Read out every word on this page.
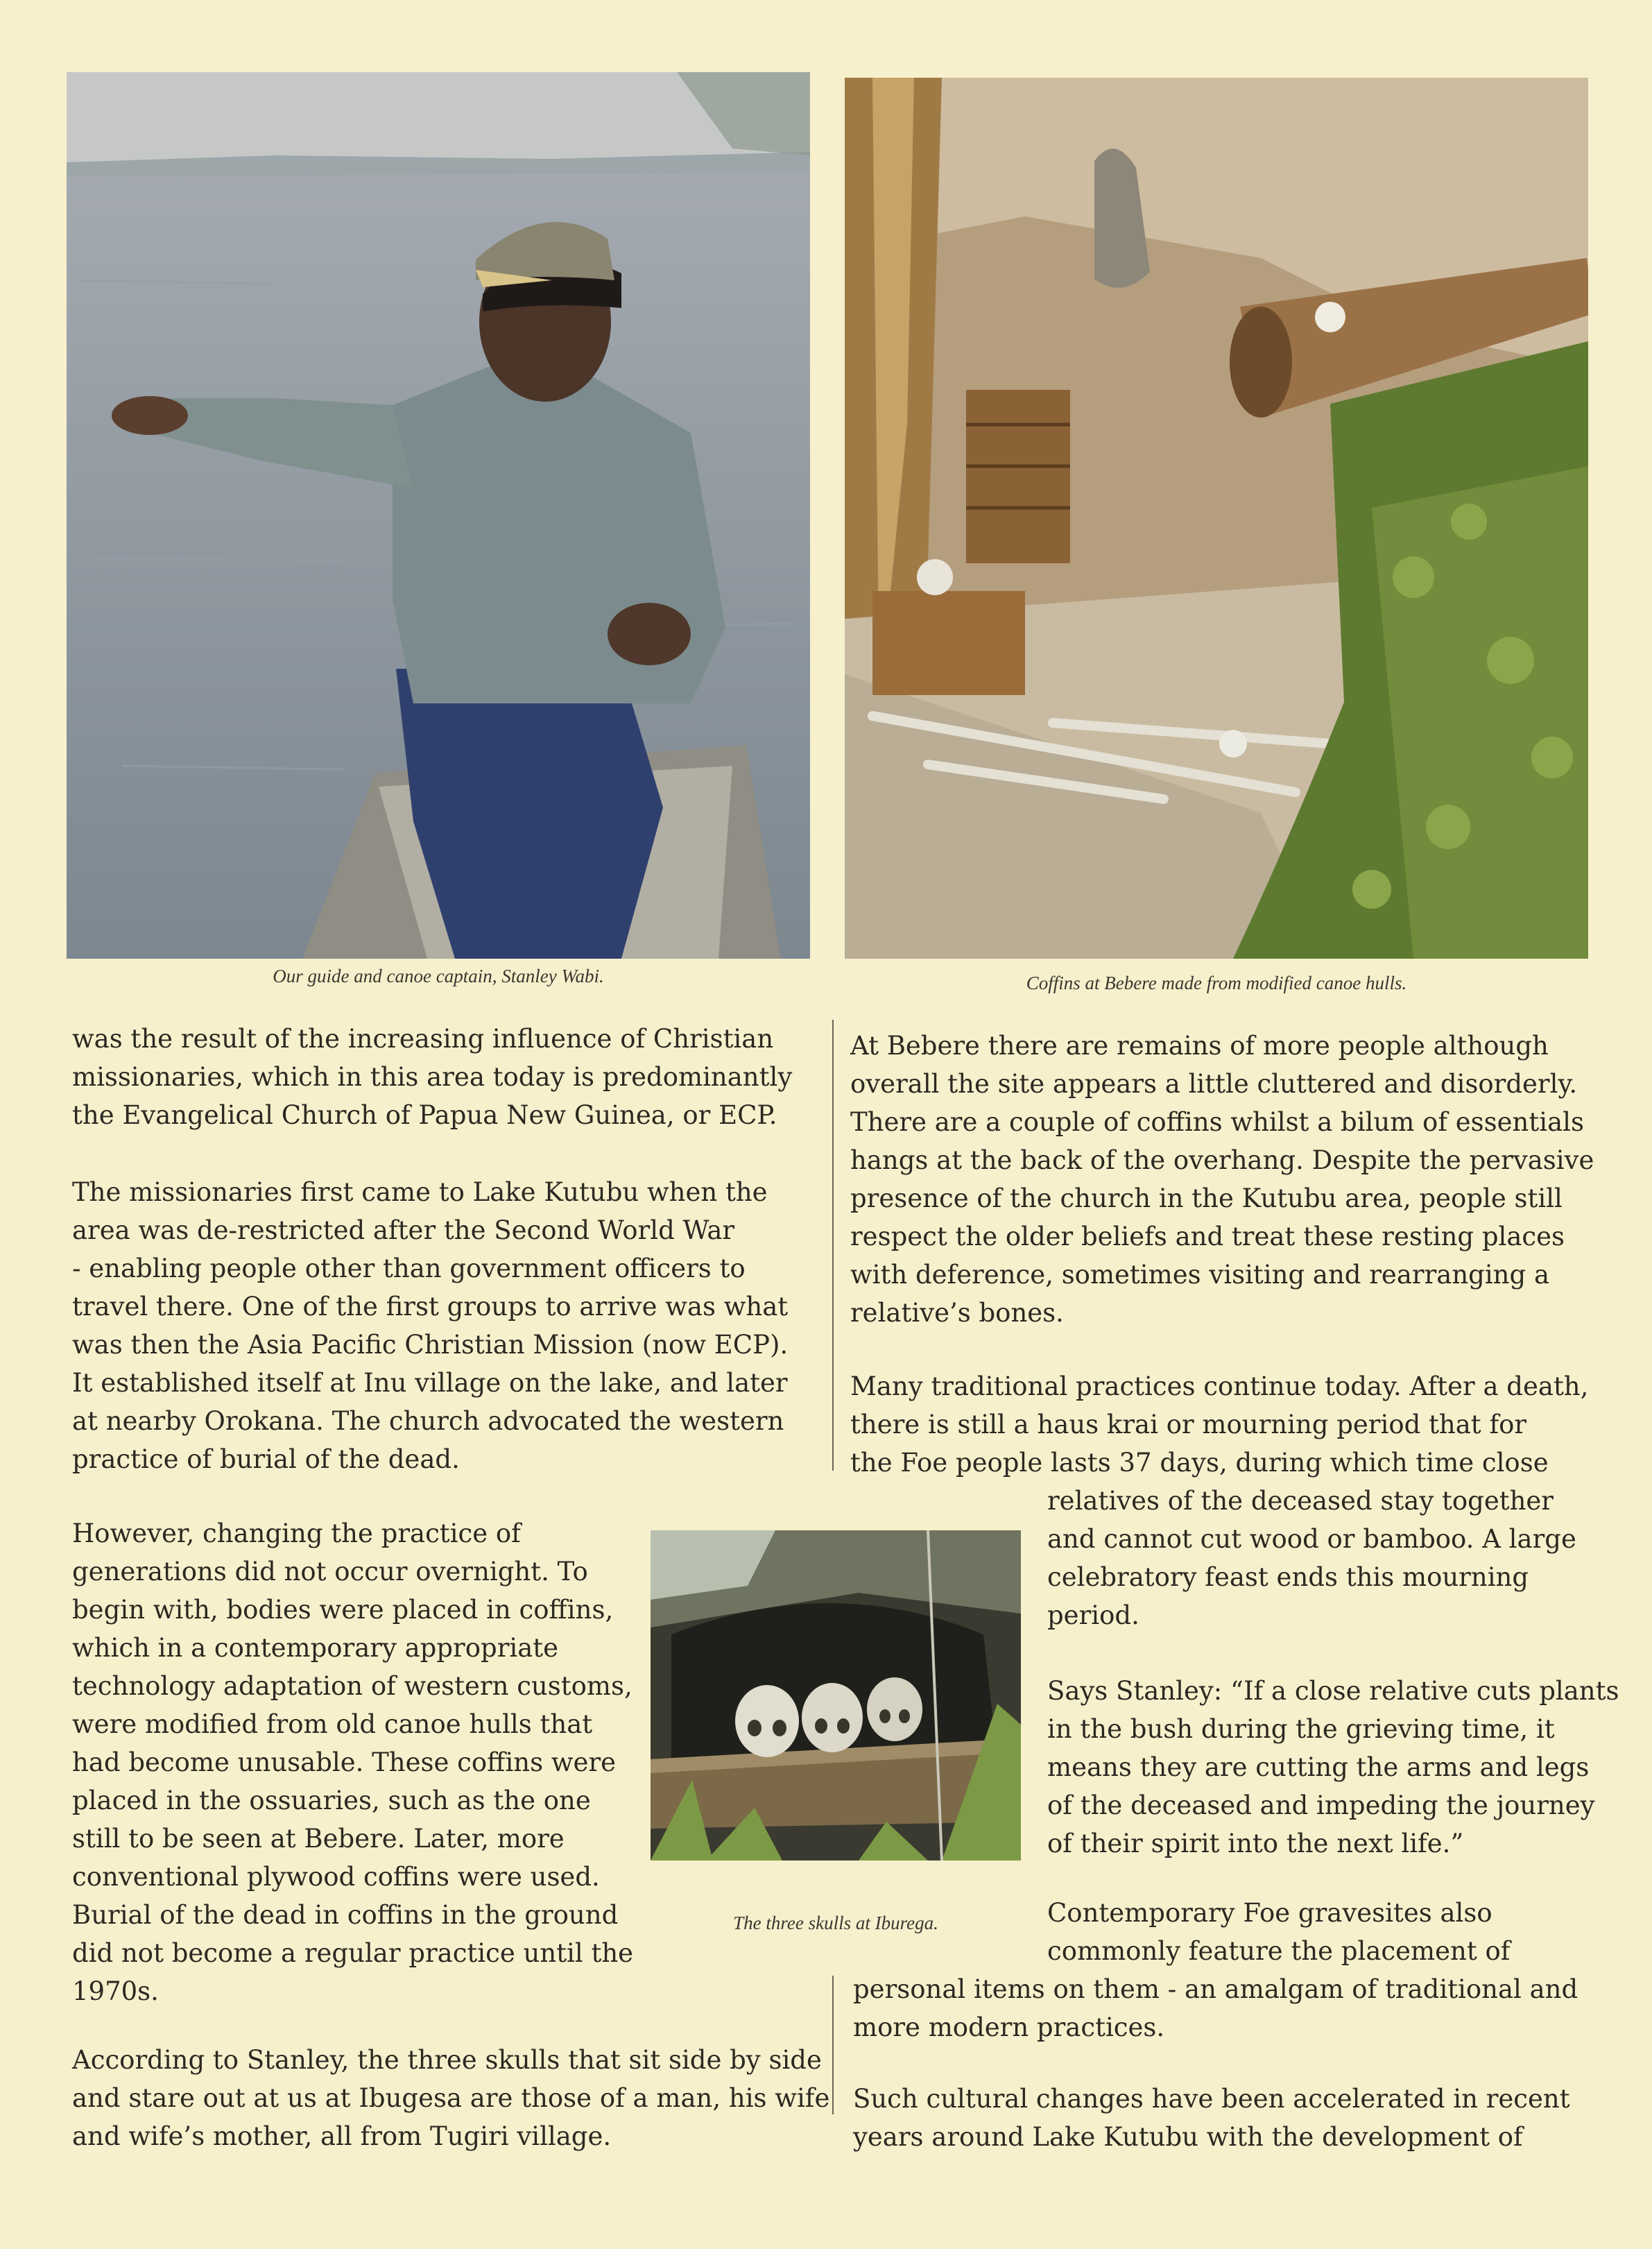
Our guide and canoe captain, Stanley Wabi.	Coffins at Bebere made from modified canoe hulls.
The three skulls at Iburega.
was the result of the increasing influence of Christian
missionaries, which in this area today is predominantly
the Evangelical Church of Papua New Guinea, or ECP.
The missionaries first came to Lake Kutubu when the
area was de-restricted after the Second World War
- enabling people other than government officers to
travel there. One of the first groups to arrive was what
was then the Asia Pacific Christian Mission (now ECP).
It established itself at Inu village on the lake, and later
at nearby Orokana. The church advocated the western
practice of burial of the dead.
However, changing the practice of
generations did not occur overnight. To
begin with, bodies were placed in coffins,
which in a contemporary appropriate
technology adaptation of western customs,
were modified from old canoe hulls that
had become unusable. These coffins were
placed in the ossuaries, such as the one
still to be seen at Bebere. Later, more
conventional plywood coffins were used.
Burial of the dead in coffins in the ground
did not become a regular practice until the
1970s.
According to Stanley, the three skulls that sit side by side
and stare out at us at Ibugesa are those of a man, his wife
and wife’s mother, all from Tugiri village.
At Bebere there are remains of more people although
overall the site appears a little cluttered and disorderly.
There are a couple of coffins whilst a bilum of essentials
hangs at the back of the overhang. Despite the pervasive
presence of the church in the Kutubu area, people still
respect the older beliefs and treat these resting places
with deference, sometimes visiting and rearranging a
relative’s bones.
Many traditional practices continue today. After a death,
there is still a haus krai or mourning period that for
the Foe people lasts 37 days, during which time close
relatives of the deceased stay together
and cannot cut wood or bamboo. A large
celebratory feast ends this mourning
period.
Says Stanley: “If a close relative cuts plants
in the bush during the grieving time, it
means they are cutting the arms and legs
of the deceased and impeding the journey
of their spirit into the next life.”
Contemporary Foe gravesites also
commonly feature the placement of
personal items on them - an amalgam of traditional and
more modern practices.
Such cultural changes have been accelerated in recent
years around Lake Kutubu with the development of
